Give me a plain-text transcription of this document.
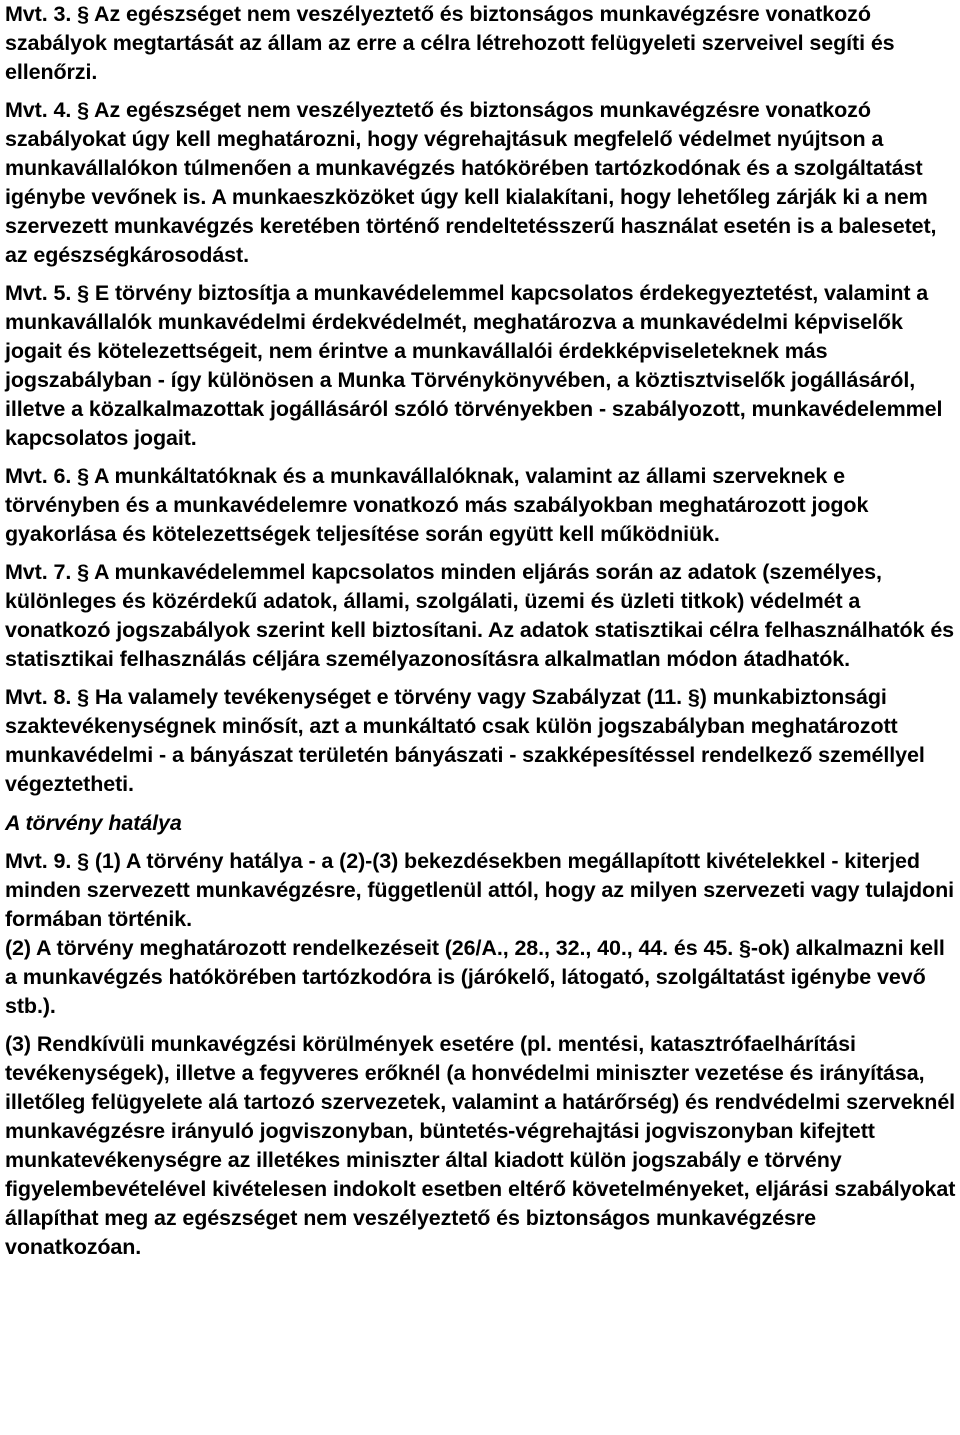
Mvt. 3. § Az egészséget nem veszélyeztető és biztonságos munkavégzésre vonatkozó szabályok megtartását az állam az erre a célra létrehozott felügyeleti szerveivel segíti és ellenőrzi.

Mvt. 4. § Az egészséget nem veszélyeztető és biztonságos munkavégzésre vonatkozó szabályokat úgy kell meghatározni, hogy végrehajtásuk megfelelő védelmet nyújtson a munkavállalókon túlmenően a munkavégzés hatókörében tartózkodónak és a szolgáltatást igénybe vevőnek is. A munkaeszközöket úgy kell kialakítani, hogy lehetőleg zárják ki a nem szervezett munkavégzés keretében történő rendeltetésszerű használat esetén is a balesetet, az egészségkárosodást.

Mvt. 5. § E törvény biztosítja a munkavédelemmel kapcsolatos érdekegyeztetést, valamint a munkavállalók munkavédelmi érdekvédelmét, meghatározva a munkavédelmi képviselők jogait és kötelezettségeit, nem érintve a munkavállalói érdekképviseleteknek más jogszabályban - így különösen a Munka Törvénykönyvében, a köztisztviselők jogállásáról, illetve a közalkalmazottak jogállásáról szóló törvényekben - szabályozott, munkavédelemmel kapcsolatos jogait.

Mvt. 6. § A munkáltatóknak és a munkavállalóknak, valamint az állami szerveknek e törvényben és a munkavédelemre vonatkozó más szabályokban meghatározott jogok gyakorlása és kötelezettségek teljesítése során együtt kell működniük.

Mvt. 7. § A munkavédelemmel kapcsolatos minden eljárás során az adatok (személyes, különleges és közérdekű adatok, állami, szolgálati, üzemi és üzleti titkok) védelmét a vonatkozó jogszabályok szerint kell biztosítani. Az adatok statisztikai célra felhasználhatók és statisztikai felhasználás céljára személyazonosításra alkalmatlan módon átadhatók.

Mvt. 8. § Ha valamely tevékenységet e törvény vagy Szabályzat (11. §) munkabiztonsági szaktevékenységnek minősít, azt a munkáltató csak külön jogszabályban meghatározott munkavédelmi - a bányászat területén bányászati - szakképesítéssel rendelkező személlyel végeztetheti.

A törvény hatálya

Mvt. 9. § (1) A törvény hatálya - a (2)-(3) bekezdésekben megállapított kivételekkel - kiterjed minden szervezett munkavégzésre, függetlenül attól, hogy az milyen szervezeti vagy tulajdoni formában történik.

(2) A törvény meghatározott rendelkezéseit (26/A., 28., 32., 40., 44. és 45. §-ok) alkalmazni kell a munkavégzés hatókörében tartózkodóra is (járókelő, látogató, szolgáltatást igénybe vevő stb.).

(3) Rendkívüli munkavégzési körülmények esetére (pl. mentési, katasztrófaelhárítási tevékenységek), illetve a fegyveres erőknél (a honvédelmi miniszter vezetése és irányítása, illetőleg felügyelete alá tartozó szervezetek, valamint a határőrség) és rendvédelmi szerveknél munkavégzésre irányuló jogviszonyban, büntetés-végrehajtási jogviszonyban kifejtett munkatevékenységre az illetékes miniszter által kiadott külön jogszabály e törvény figyelembevételével kivételesen indokolt esetben eltérő követelményeket, eljárási szabályokat állapíthat meg az egészséget nem veszélyeztető és biztonságos munkavégzésre vonatkozóan.
